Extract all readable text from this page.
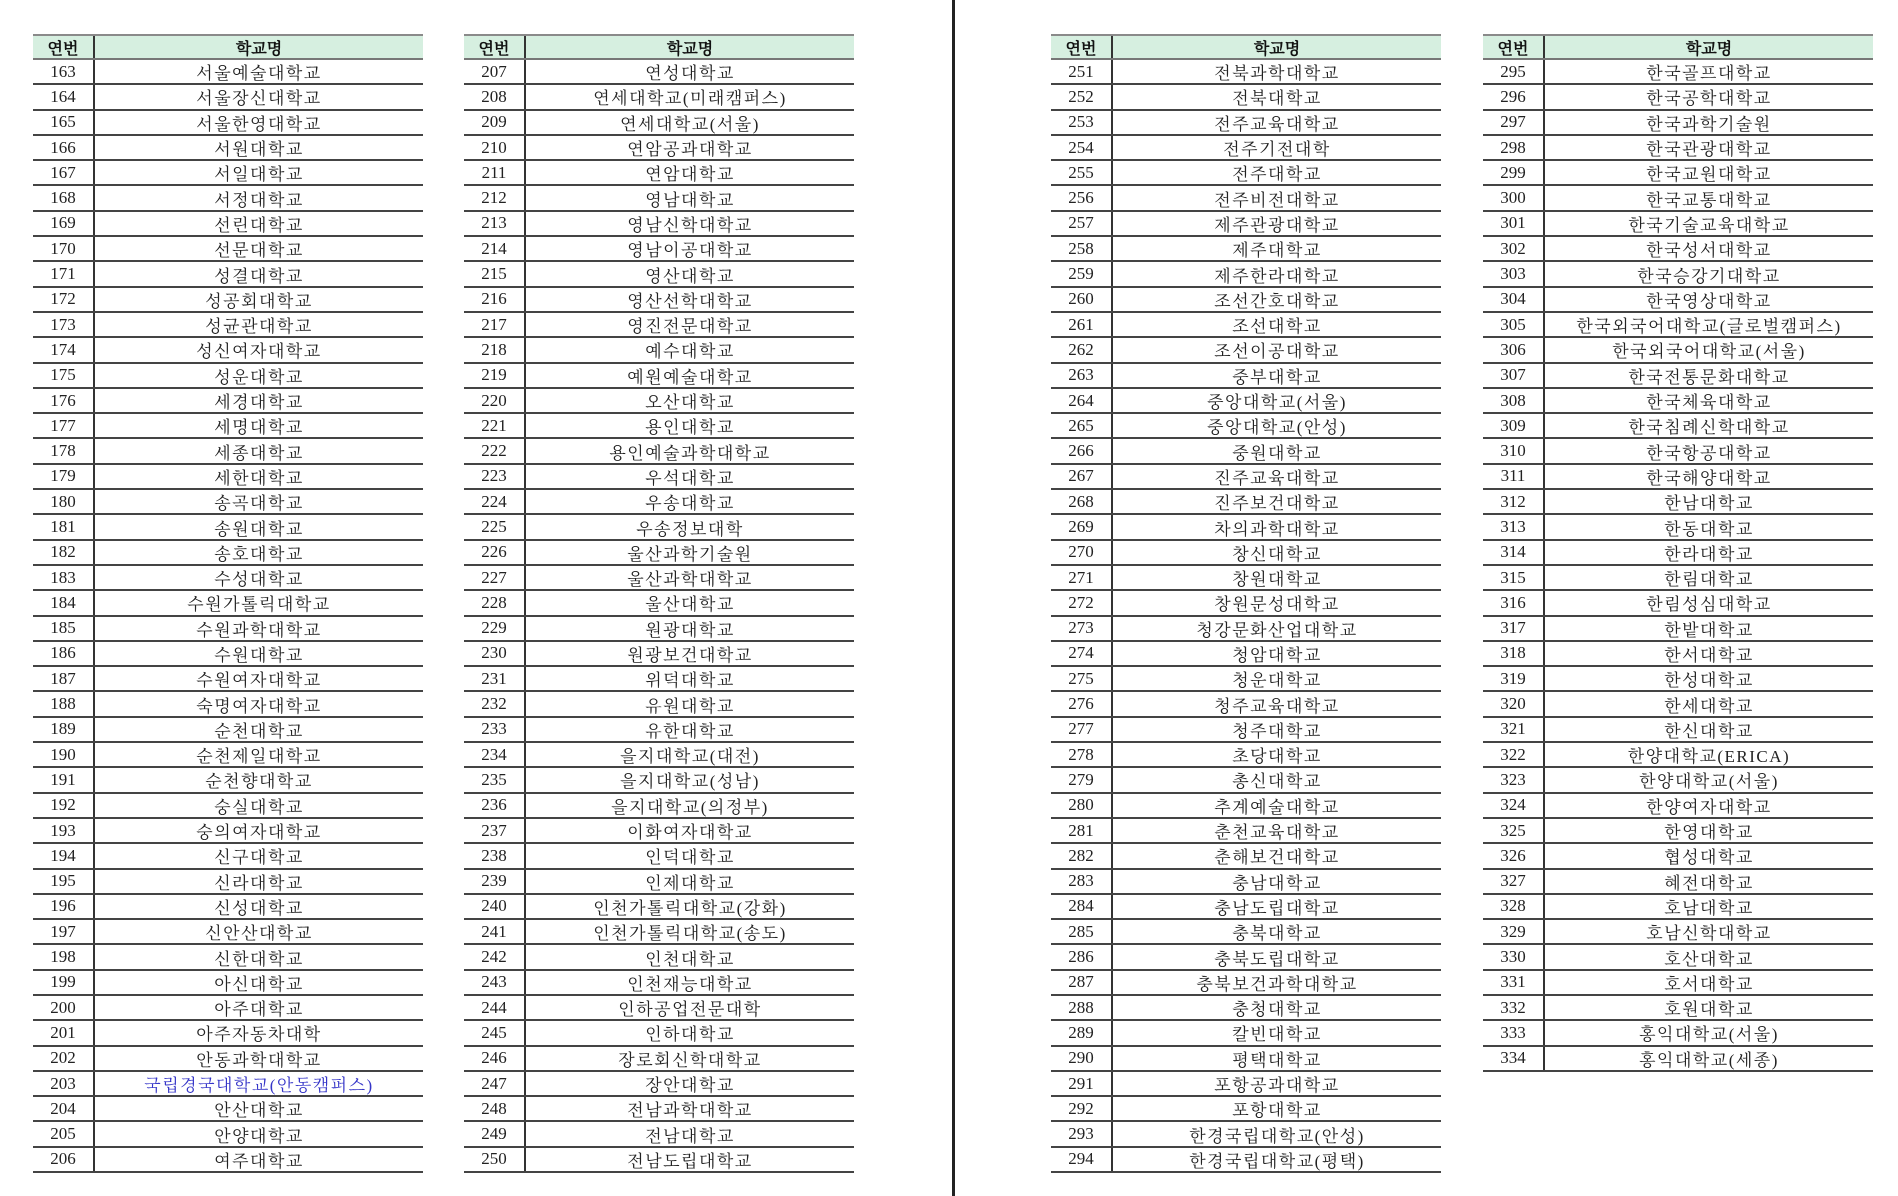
연번	학교명
163	서울예술대학교
164	서울장신대학교
165	서울한영대학교
166	서원대학교
167	서일대학교
168	서정대학교
169	선린대학교
170	선문대학교
171	성결대학교
172	성공회대학교
173	성균관대학교
174	성신여자대학교
175	성운대학교
176	세경대학교
177	세명대학교
178	세종대학교
179	세한대학교
180	송곡대학교
181	송원대학교
182	송호대학교
183	수성대학교
184	수원가톨릭대학교
185	수원과학대학교
186	수원대학교
187	수원여자대학교
188	숙명여자대학교
189	순천대학교
190	순천제일대학교
191	순천향대학교
192	숭실대학교
193	숭의여자대학교
194	신구대학교
195	신라대학교
196	신성대학교
197	신안산대학교
198	신한대학교
199	아신대학교
200	아주대학교
201	아주자동차대학
202	안동과학대학교
203	국립경국대학교(안동캠퍼스)
204	안산대학교
205	안양대학교
206	여주대학교
연번	학교명
207	연성대학교
208	연세대학교(미래캠퍼스)
209	연세대학교(서울)
210	연암공과대학교
211	연암대학교
212	영남대학교
213	영남신학대학교
214	영남이공대학교
215	영산대학교
216	영산선학대학교
217	영진전문대학교
218	예수대학교
219	예원예술대학교
220	오산대학교
221	용인대학교
222	용인예술과학대학교
223	우석대학교
224	우송대학교
225	우송정보대학
226	울산과학기술원
227	울산과학대학교
228	울산대학교
229	원광대학교
230	원광보건대학교
231	위덕대학교
232	유원대학교
233	유한대학교
234	을지대학교(대전)
235	을지대학교(성남)
236	을지대학교(의정부)
237	이화여자대학교
238	인덕대학교
239	인제대학교
240	인천가톨릭대학교(강화)
241	인천가톨릭대학교(송도)
242	인천대학교
243	인천재능대학교
244	인하공업전문대학
245	인하대학교
246	장로회신학대학교
247	장안대학교
248	전남과학대학교
249	전남대학교
250	전남도립대학교
연번	학교명
251	전북과학대학교
252	전북대학교
253	전주교육대학교
254	전주기전대학
255	전주대학교
256	전주비전대학교
257	제주관광대학교
258	제주대학교
259	제주한라대학교
260	조선간호대학교
261	조선대학교
262	조선이공대학교
263	중부대학교
264	중앙대학교(서울)
265	중앙대학교(안성)
266	중원대학교
267	진주교육대학교
268	진주보건대학교
269	차의과학대학교
270	창신대학교
271	창원대학교
272	창원문성대학교
273	청강문화산업대학교
274	청암대학교
275	청운대학교
276	청주교육대학교
277	청주대학교
278	초당대학교
279	총신대학교
280	추계예술대학교
281	춘천교육대학교
282	춘해보건대학교
283	충남대학교
284	충남도립대학교
285	충북대학교
286	충북도립대학교
287	충북보건과학대학교
288	충청대학교
289	칼빈대학교
290	평택대학교
291	포항공과대학교
292	포항대학교
293	한경국립대학교(안성)
294	한경국립대학교(평택)
연번	학교명
295	한국골프대학교
296	한국공학대학교
297	한국과학기술원
298	한국관광대학교
299	한국교원대학교
300	한국교통대학교
301	한국기술교육대학교
302	한국성서대학교
303	한국승강기대학교
304	한국영상대학교
305	한국외국어대학교(글로벌캠퍼스)
306	한국외국어대학교(서울)
307	한국전통문화대학교
308	한국체육대학교
309	한국침례신학대학교
310	한국항공대학교
311	한국해양대학교
312	한남대학교
313	한동대학교
314	한라대학교
315	한림대학교
316	한림성심대학교
317	한밭대학교
318	한서대학교
319	한성대학교
320	한세대학교
321	한신대학교
322	한양대학교(ERICA)
323	한양대학교(서울)
324	한양여자대학교
325	한영대학교
326	협성대학교
327	혜전대학교
328	호남대학교
329	호남신학대학교
330	호산대학교
331	호서대학교
332	호원대학교
333	홍익대학교(서울)
334	홍익대학교(세종)
